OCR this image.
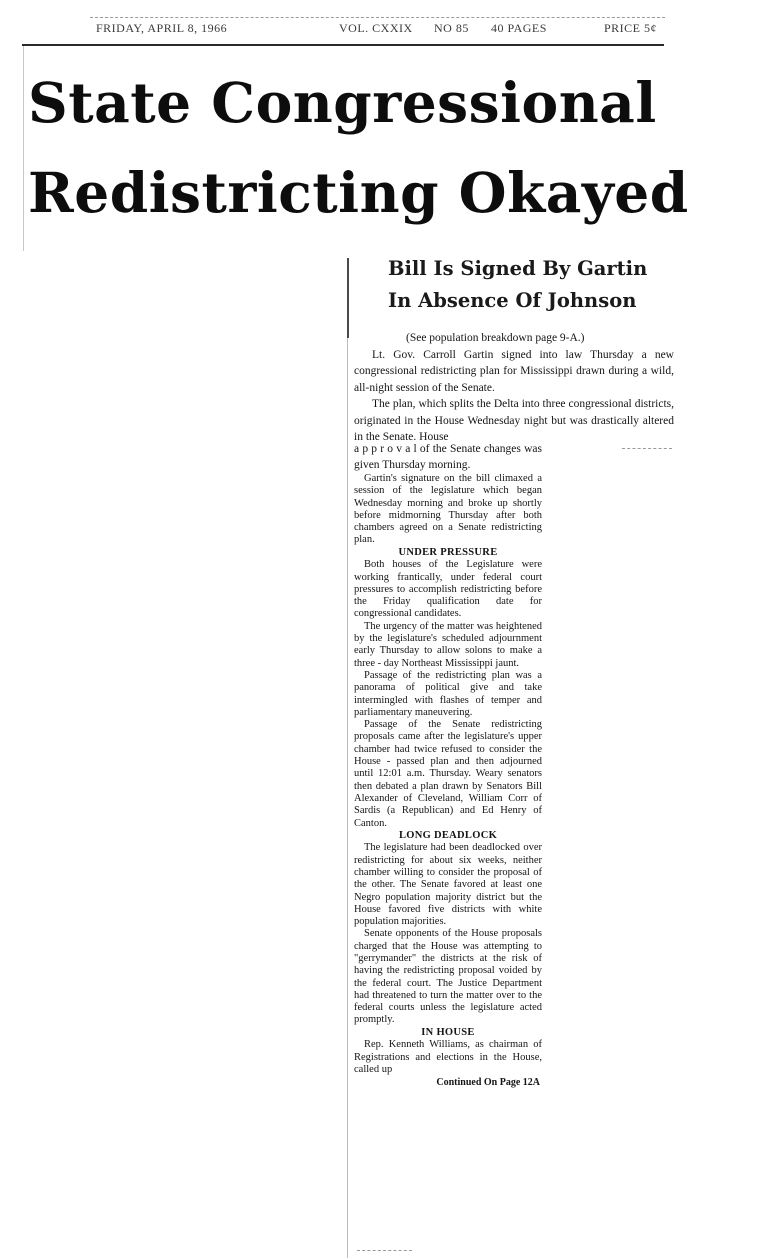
FRIDAY, APRIL 8, 1966	VOL. CXXIX NO 85 40 PAGES	PRICE 5¢
State Congressional
Redistricting Okayed
Bill Is Signed By Gartin
In Absence Of Johnson

(See population breakdown page 9-A.)

Lt. Gov. Carroll Gartin signed into law Thursday a new congressional redistricting plan for Mississippi drawn during a wild, all-night session of the Senate.

The plan, which splits the Delta into three congressional districts, originated in the House Wednesday night but was drastically altered in the Senate. House

a p p r o v a l of the Senate changes was given Thursday morning.

Gartin's signature on the bill climaxed a session of the legislature which began Wednesday morning and broke up shortly before midmorning Thursday after both chambers agreed on a Senate redistricting plan.

UNDER PRESSURE

Both houses of the Legislature were working frantically, under federal court pressures to accomplish redistricting before the Friday qualification date for congressional candidates.

The urgency of the matter was heightened by the legislature's scheduled adjournment early Thursday to allow solons to make a three - day Northeast Mississippi jaunt.

Passage of the redistricting plan was a panorama of political give and take intermingled with flashes of temper and parliamentary maneuvering.

Passage of the Senate redistricting proposals came after the legislature's upper chamber had twice refused to consider the House - passed plan and then adjourned until 12:01 a.m. Thursday. Weary senators then debated a plan drawn by Senators Bill Alexander of Cleveland, William Corr of Sardis (a Republican) and Ed Henry of Canton.

LONG DEADLOCK

The legislature had been deadlocked over redistricting for about six weeks, neither chamber willing to consider the proposal of the other. The Senate favored at least one Negro population majority district but the House favored five districts with white population majorities.

Senate opponents of the House proposals charged that the House was attempting to "gerrymander" the districts at the risk of having the redistricting proposal voided by the federal court. The Justice Department had threatened to turn the matter over to the federal courts unless the legislature acted promptly.

IN HOUSE

Rep. Kenneth Williams, as chairman of Registrations and elections in the House, called up

Continued On Page 12A
